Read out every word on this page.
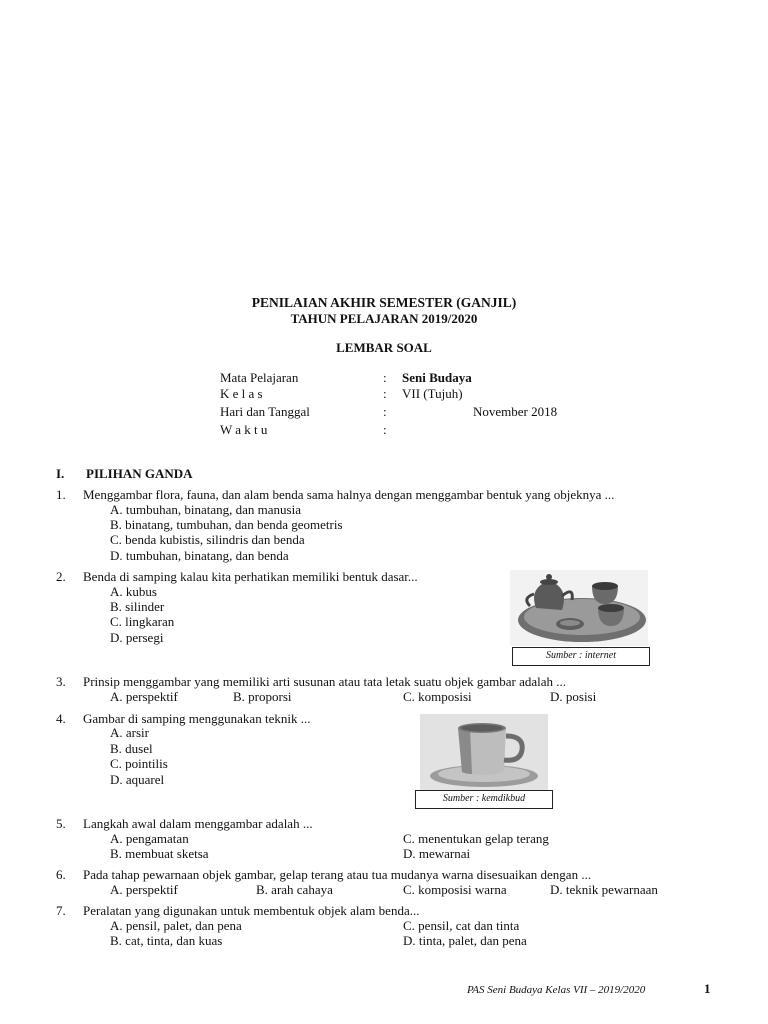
PENILAIAN AKHIR SEMESTER (GANJIL)
TAHUN PELAJARAN 2019/2020
LEMBAR SOAL
Mata Pelajaran	: Seni Budaya
K e l a s	: VII (Tujuh)
Hari dan Tanggal	:	November 2018
W a k t u	:
I. PILIHAN GANDA
1. Menggambar flora, fauna, dan alam benda sama halnya dengan menggambar bentuk yang objeknya ...
A. tumbuhan, binatang, dan manusia
B. binatang, tumbuhan, dan benda geometris
C. benda kubistis, silindris dan benda
D. tumbuhan, binatang, dan benda
2. Benda di samping kalau kita perhatikan memiliki bentuk dasar...
A. kubus
B. silinder
C. lingkaran
D. persegi
Sumber : internet
3. Prinsip menggambar yang memiliki arti susunan atau tata letak suatu objek gambar adalah ...
A. perspektif	B. proporsi	C. komposisi	D. posisi
4. Gambar di samping menggunakan teknik ...
A. arsir
B. dusel
C. pointilis
D. aquarel
Sumber : kemdikbud
5. Langkah awal dalam menggambar adalah ...
A. pengamatan	C. menentukan gelap terang
B. membuat sketsa	D. mewarnai
6. Pada tahap pewarnaan objek gambar, gelap terang atau tua mudanya warna disesuaikan dengan ...
A. perspektif	B. arah cahaya	C. komposisi warna	D. teknik pewarnaan
7. Peralatan yang digunakan untuk membentuk objek alam benda...
A. pensil, palet, dan pena	C. pensil, cat dan tinta
B. cat, tinta, dan kuas	D. tinta, palet, dan pena
PAS Seni Budaya Kelas VII – 2019/2020	1
